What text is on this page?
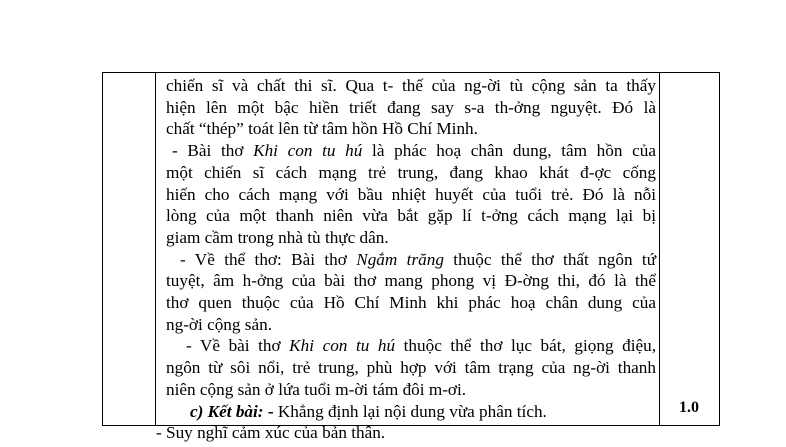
chiến sĩ và chất thi sĩ. Qua t- thế của ng-ời tù cộng sản ta thấy
hiện lên một bậc hiền triết đang say s-a th-ởng nguyệt. Đó là
chất “thép” toát lên từ tâm hồn Hồ Chí Minh.
- Bài thơ Khi con tu hú là phác hoạ chân dung, tâm hồn của
một chiến sĩ cách mạng trẻ trung, đang khao khát đ-ợc cống
hiến cho cách mạng với bầu nhiệt huyết của tuổi trẻ. Đó là nỗi
lòng của một thanh niên vừa bắt gặp lí t-ởng cách mạng lại bị
giam cầm trong nhà tù thực dân.
- Về thể thơ: Bài thơ Ngắm trăng thuộc thể thơ thất ngôn tứ
tuyệt, âm h-ởng của bài thơ mang phong vị Đ-ờng thi, đó là thể
thơ quen thuộc của Hồ Chí Minh khi phác hoạ chân dung của
ng-ời cộng sản.
- Về bài thơ Khi con tu hú thuộc thể thơ lục bát, giọng điệu,
ngôn từ sôi nổi, trẻ trung, phù hợp với tâm trạng của ng-ời thanh
niên cộng sản ở lứa tuổi m-ời tám đôi m-ơi.
c) Kết bài: - Khẳng định lại nội dung vừa phân tích.
- Suy nghĩ cảm xúc của bản thân.
1.0
